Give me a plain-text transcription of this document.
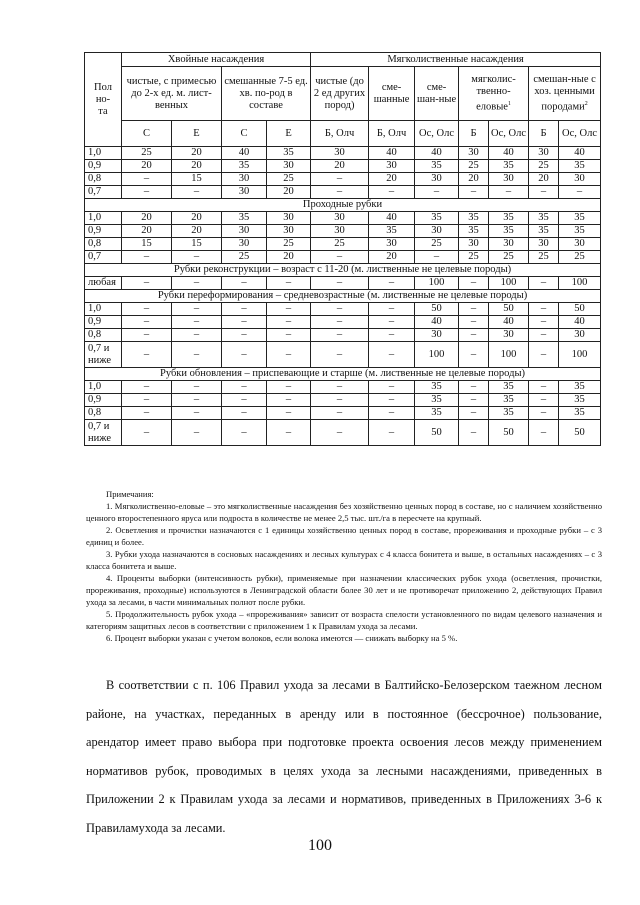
Пол
но-
та	Хвойные насаждения				Мягколиственные насаждения						
	чистые, с примесью до 2-х ед. м. лист-венных		смешанные 7-5 ед. хв. по-род в составе		чистые (до 2 ед других пород)	сме-шанные	сме-шан-ные	мягколис-твенно-еловые$^1$		смешан-ные с хоз. ценными породами$^2$
	С	Е	С	Е	Б, Олч	Б, Олч	Ос, Олс	Б	Ос, Олс	Б	Ос, Олс
1,0	25	20	40	35	30	40	40	30	40	30	40
0,9	20	20	35	30	20	30	35	25	35	25	35
0,8	–	15	30	25	–	20	30	20	30	20	30
0,7	–	–	30	20	–	–	–	–	–	–	–
Проходные рубки											
1,0	20	20	35	30	30	40	35	35	35	35	35
0,9	20	20	30	30	30	35	30	35	35	35	35
0,8	15	15	30	25	25	30	25	30	30	30	30
0,7	–	–	25	20	–	20	–	25	25	25	25
Рубки реконструкции – возраст с 11-20 (м. лиственные не целевые породы)											
любая	–	–	–	–	–	–	100	–	100	–	100
Рубки переформирования – средневозрастные (м. лиственные не целевые породы)											
1,0	–	–	–	–	–	–	50	–	50	–	50
0,9	–	–	–	–	–	–	40	–	40	–	40
0,8	–	–	–	–	–	–	30	–	30	–	30
0,7 и ниже	–	–	–	–	–	–	100	–	100	–	100
Рубки обновления – приспевающие и старше (м. лиственные не целевые породы)											
1,0	–	–	–	–	–	–	35	–	35	–	35
0,9	–	–	–	–	–	–	35	–	35	–	35
0,8	–	–	–	–	–	–	35	–	35	–	35
0,7 и ниже	–	–	–	–	–	–	50	–	50	–	50

Примечания:

1. Мягколиственно-еловые – это мягколиственные насаждения без хозяйственно ценных пород в составе, но с наличием хозяйственно ценного второстепенного яруса или подроста в количестве не менее 2,5 тыс. шт./га в пересчете на крупный.

2. Осветления и прочистки назначаются с 1 единицы хозяйственно ценных пород в составе, прореживания и проходные рубки – с 3 единиц и более.

3. Рубки ухода назначаются в сосновых насаждениях и лесных культурах с 4 класса бонитета и выше, в остальных насаждениях – с 3 класса бонитета и выше.

4. Проценты выборки (интенсивность рубки), применяемые при назначении классических рубок ухода (осветления, прочистки, прореживания, проходные) используются в Ленинградской области более 30 лет и не противоречат приложению 2, действующих Правил ухода за лесами, в части минимальных полнот после рубки.

5. Продолжительность рубок ухода – «прореживания» зависит от возраста спелости установленного по видам целевого назначения и категориям защитных лесов в соответствии с приложением 1 к Правилам ухода за лесами.

6. Процент выборки указан с учетом волоков, если волока имеются — снижать выборку на 5 %.

В соответствии с п. 106 Правил ухода за лесами в Балтийско-Белозерском таежном лесном районе, на участках, переданных в аренду или в постоянное (бессрочное) пользование, арендатор имеет право выбора при подготовке проекта освоения лесов между применением нормативов рубок, проводимых в целях ухода за лесными насаждениями, приведенных в Приложении 2 к Правилам ухода за лесами и нормативов, приведенных в Приложениях 3-6 к Правиламухода за лесами.

100
